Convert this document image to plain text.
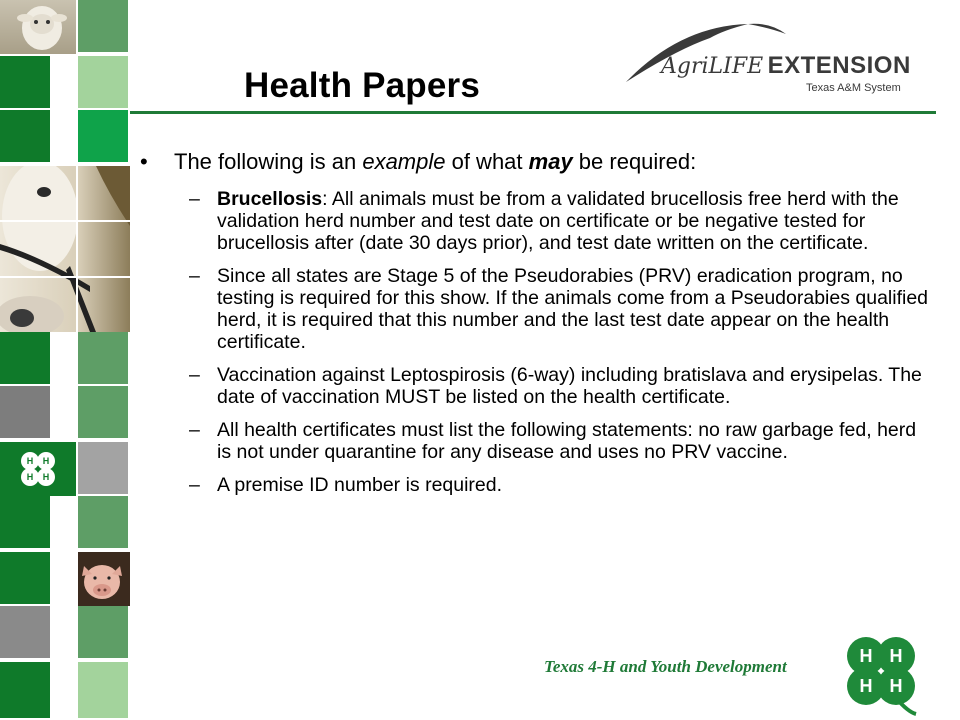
H H
H H
Health Papers	AgriLIFE EXTENSION
Texas A&M System
•	The following is an example of what may be required:
– Brucellosis: All animals must be from a validated brucellosis free herd with the validation herd number and test date on certificate or be negative tested for brucellosis after (date 30 days prior), and test date written on the certificate.
– Since all states are Stage 5 of the Pseudorabies (PRV) eradication program, no testing is required for this show. If the animals come from a Pseudorabies qualified herd, it is required that this number and the last test date appear on the health certificate.
– Vaccination against Leptospirosis (6-way) including bratislava and erysipelas. The date of vaccination MUST be listed on the health certificate.
– All health certificates must list the following statements: no raw garbage fed, herd is not under quarantine for any disease and uses no PRV vaccine.
– A premise ID number is required.
Texas 4-H and Youth Development
H H
H H
